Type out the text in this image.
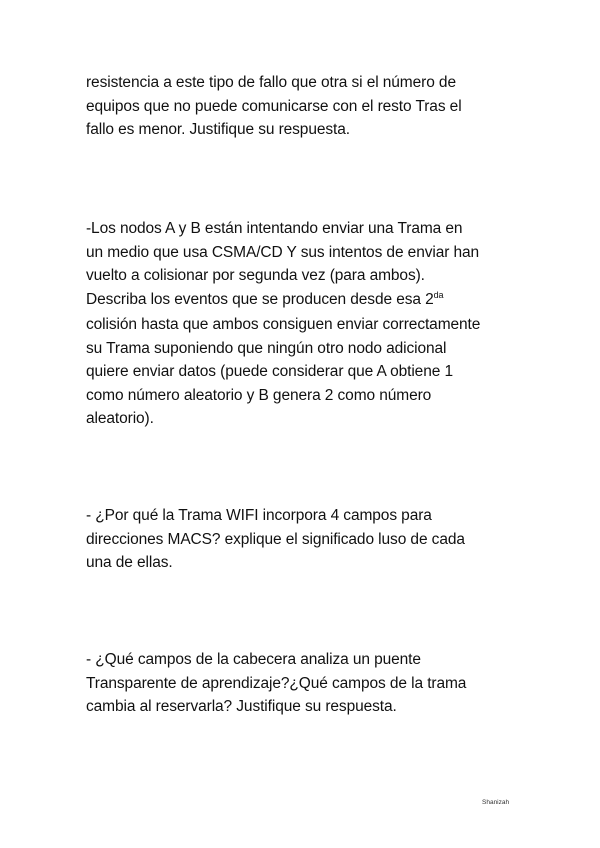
resistencia a este tipo de fallo que otra si el número de
equipos que no puede comunicarse con el resto Tras el
fallo es menor. Justifique su respuesta.
-Los nodos A y B están intentando enviar una Trama en
un medio que usa CSMA/CD Y sus intentos de enviar han
vuelto a colisionar por segunda vez (para ambos).
Describa los eventos que se producen desde esa $2^{da}$
colisión hasta que ambos consiguen enviar correctamente
su Trama suponiendo que ningún otro nodo adicional
quiere enviar datos (puede considerar que A obtiene 1
como número aleatorio y B genera 2 como número
aleatorio).
- ¿Por qué la Trama WIFI incorpora 4 campos para
direcciones MACS? explique el significado luso de cada
una de ellas.
- ¿Qué campos de la cabecera analiza un puente
Transparente de aprendizaje?¿Qué campos de la trama
cambia al reservarla? Justifique su respuesta.
Shanizah
